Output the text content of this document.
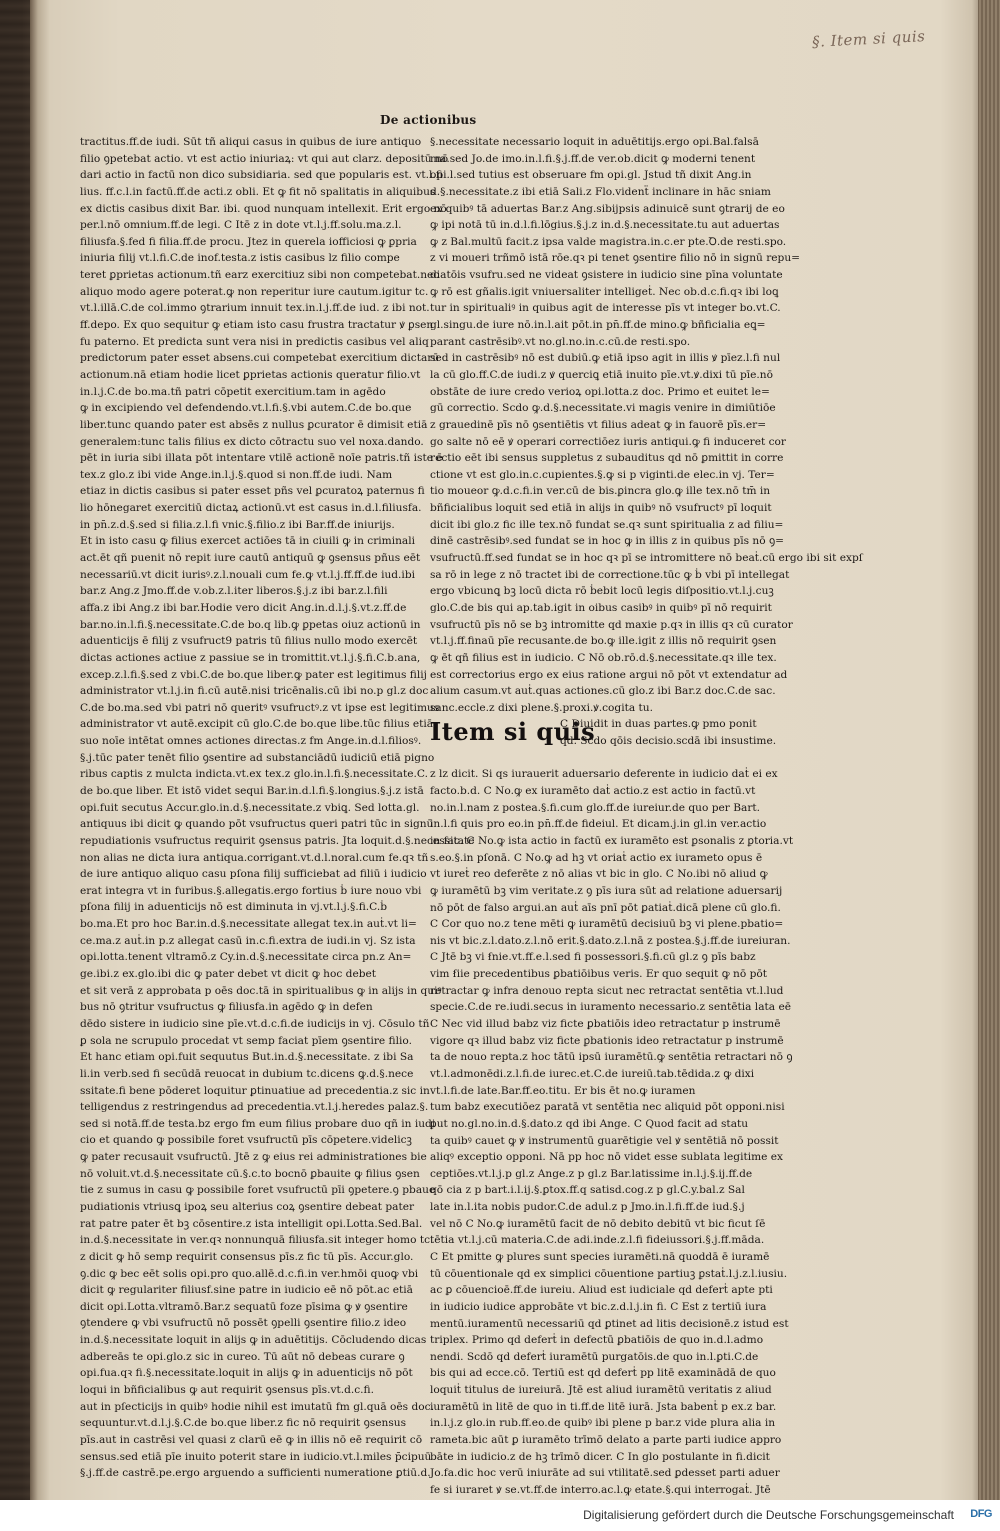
§. Item si quis
De actionibus
tractitus.ff.de iudi. Sūt tñ aliqui casus in quibus de iure antiquo
filio ꝯpetebat actio. vt est actio iniuriaꝝ: vt qui aut clarz. depositū nō
dari actio in factū non dico subsidiaria. sed que popularis est. vt.l.fi
lius. ff.c.l.in factū.ff.de acti.z obli. Et ꝙ fit nō spalitatis in aliquibus
ex dictis casibus dixit Bar. ibi. quod nunquam intellexit. Erit ergo nō
per.l.nō omnium.ff.de legi. C Itē z in dote vt.l.j.ff.solu.ma.z.l.
filiusfa.§.fed fi filia.ff.de procu. Jtez in querela iofficiosi ꝙ ꝑpria
iniuria filij vt.l.fi.C.de inof.testa.z istis casibus lz filio compe
teret ꝑprietas actionum.tñ earz exercitiuz sibi non competebat.nec
aliquo modo agere poterat.ꝙ non reperitur iure cautum.igitur tc.
vt.l.illā.C.de col.immo ꝯtrarium innuit tex.in.l.j.ff.de iud. z ibi not.
ff.depo. Ex quo sequitur ꝙ etiam isto casu frustra tractatur ꝟ ꝑsen
fu paterno. Et predicta sunt vera nisi in predictis casibus vel aliq
predictorum pater esset absens.cui competebat exercitium dictarū
actionum.nā etiam hodie licet ꝑprietas actionis queratur filio.vt
in.l.j.C.de bo.ma.tñ patri cōpetit exercitium.tam in agēdo
ꝙ in excipiendo vel defendendo.vt.l.fi.§.vbi autem.C.de bo.que
liber.tunc quando pater est absēs z nullus ꝑcurator ē dimisit etiā
generalem:tunc talis filius ex dicto cōtractu suo vel noxa.dando.
pēt in iuria sibi illata pōt intentare vtilē actionē noīe patris.tñ iste ē
tex.z glo.z ibi vide Ange.in.l.j.§.quod si non.ff.de iudi. Nam
etiaz in dictis casibus si pater esset pñs vel ꝑcuratoꝝ paternus fi
lio hōnegaret exercitiū dictaꝝ actionū.vt est casus in.d.l.filiusfa.
in pn̄.z.d.§.sed si filia.z.l.fi vnic.§.filio.z ibi Bar.ff.de iniurijs.
Et in isto casu ꝙ filius exercet actiōes tā in ciuili ꝙ in criminali
act.ēt qñ puenit nō repit iure cautū antiquū ꝙ ꝯsensus pñus eēt
necessariū.vt dicit iurisꝰ.z.l.nouali cum fe.ꝙ vt.l.j.ff.ff.de iud.ibi
bar.z Ang.z Jmo.ff.de v.ob.z.l.iter liberos.§.j.z ibi bar.z.l.fili
affa.z ibi Ang.z ibi bar.Hodie vero dicit Ang.in.d.l.j.§.vt.z.ff.de
bar.no.in.l.fi.§.necessitate.C.de bo.q lib.ꝙ ꝑpetas oiuz actionū in
aduenticijs ē filij z vsufruct9 patris tū filius nullo modo exercēt
dictas actiones actiue z passiue se in tromittit.vt.l.j.§.fi.C.b.ana,
excep.z.l.fi.§.sed z vbi.C.de bo.que liber.ꝙ pater est legitimus filij
administrator vt.l.j.in fi.cū autē.nisi tricēnalis.cū ibi no.p gl.z doc
C.de bo.ma.sed vbi patri nō queritꝰ vsufructꝰ.z vt ipse est legitimus
administrator vt autē.excipit cū glo.C.de bo.que libe.tūc filius etiā
suo noīe intētat omnes actiones directas.z fm Ange.in.d.l.filiosꝰ.
§.j.tūc pater tenēt filio ꝯsentire ad substanciādū iudiciū etiā pigno
ribus captis z mulcta indicta.vt.ex tex.z glo.in.l.fi.§.necessitate.C.
de bo.que liber. Et istō videt sequi Bar.in.d.l.fi.§.longius.§.j.z istā
opi.fuit secutus Accur.glo.in.d.§.necessitate.z vbiꝗ. Sed lotta.gl.
antiquus ibi dicit ꝙ quando pōt vsufructus queri patri tūc in signū
repudiationis vsufructus requirit ꝯsensus patris. Jta loquit.d.§.necessitate
non alias ne dicta iura antiqua.corrigant.vt.d.l.noral.cum fe.qꝛ tñ
de iure antiquo aliquo casu pſona filij sufficiebat ad filiū i iudicio
erat integra vt in furibus.§.allegatis.ergo fortius ḃ iure nouo vbi
pſona filij in aduenticijs nō est diminuta in vj.vt.l.j.§.fi.C.ḃ
bo.ma.Et pro hoc Bar.in.d.§.necessitate allegat tex.in auṫ.vt li=
ce.ma.z auṫ.in p.z allegat casū in.c.fi.extra de iudi.in vj. Sz ista
opi.lotta.tenent vltramō.z Cy.in.d.§.necessitate circa pn.z An=
ge.ibi.z ex.glo.ibi dic ꝙ pater debet vt dicit ꝙ hoc debet
et sit verā z approbata p oēs doc.tā in spiritualibus ꝙ in alijs in quiꝰ
bus nō ꝯtritur vsufructus ꝙ filiusfa.in agēdo ꝙ in defen
dēdo sistere in iudicio sine pīe.vt.d.c.fi.de iudicijs in vj. Cōsulo tñ
ꝑ sola ne scrupulo procedat vt semp faciat pīem ꝯsentire filio.
Et hanc etiam opi.fuit sequutus But.in.d.§.necessitate. z ibi Sa
li.in verb.sed fi secūdā reuocat in dubium tc.dicens ꝙ.d.§.nece
ssitate.fi bene pōderet loquitur ꝑtinuatiue ad precedentia.z sic in
telligendus z restringendus ad precedentia.vt.l.j.heredes palaz.§.
sed si notā.ff.de testa.bz ergo fm eum filius probare duo qñ in iudi
cio et quando ꝙ possibile foret vsufructū pīs cōpetere.videlicꝫ
ꝙ pater recusauit vsufructū. Jtē z ꝙ eius rei administrationes bie
nō voluit.vt.d.§.necessitate cū.§.c.to bocnō ꝑbauite ꝙ filius ꝯsen
tie z sumus in casu ꝙ possibile foret vsufructū pīi ꝯpetere.ꝯ pbaue
pudiationis vtriusꝗ ipoꝝ seu alterius coꝝ ꝯsentire debeat pater
rat patre pater ēt bꝫ cōsentire.z ista intelligit opi.Lotta.Sed.Bal.
in.d.§.necessitate in ver.qꝛ nonnunquā filiusfa.sit integer homo tc.
z dicit ꝙ hō semp requirit consensus pīs.z fic tū pīs. Accur.glo.
ꝯ.dic ꝙ bec eēt solis opi.pro quo.allē.d.c.fi.in ver.hmōi quoꝙ vbi
dicit ꝙ regulariter filiusf.sine patre in iudicio eē nō pōt.ac etiā
dicit opi.Lotta.vltramō.Bar.z sequatū foze pīsima ꝙ ꝟ ꝯsentire
ꝯtendere ꝙ vbi vsufructū nō possēt ꝯpelli ꝯsentire filio.z ideo
in.d.§.necessitate loquit in alijs ꝙ in aduētitijs. Cōcludendo dicas
adbereās te opi.glo.z sic in cureo. Tū aūt nō debeas curare ꝯ
opi.fua.qꝛ fi.§.necessitate.loquit in alijs ꝙ in aduenticijs nō pōt
loqui in bñficialibus ꝙ aut requirit ꝯsensus pīs.vt.d.c.fi.
aut in pſecticijs in quibꝰ hodie nihil est imutatū fm gl.quā oēs doc.
sequuntur.vt.d.l.j.§.C.de bo.que liber.z fic nō requirit ꝯsensus
pīs.aut in castrēsi vel quasi z clarū eē ꝙ in illis nō eē requirit cō
sensus.sed etiā pīe inuito poterit stare in iudicio.vt.l.miles p̄cipuū
§.j.ff.de castrē.pe.ergo arguendo a sufficienti numeratione ꝑtiū.d.
§.necessitate necessario loquit in aduētitijs.ergo opi.Bal.falsā
ma.sed Jo.de imo.in.l.fi.§.j.ff.de ver.ob.dicit ꝙ moderni tenent
opi.l.sed tutius est obseruare fm opi.gl. Jstud tñ dixit Ang.in
d.§.necessitate.z ibi etiā Sali.z Flo.videnẗ inclinare in hāc sniam
ex quibꝰ tā aduertas Bar.z Ang.sibijpsis adinuicē sunt ꝯtrarij de eo
ꝙ ipi notā tū in.d.l.fi.lōgius.§.j.z in.d.§.necessitate.tu aut aduertas
ꝙ z Bal.multū facit.z ipsa valde magistra.in.c.er pte.Ꝺ.de resti.spo.
z vi moueri trñmō istā rōe.qꝛ pi tenet ꝯsentire filio nō in signū repu=
diatōis vsufru.sed ne videat ꝯsistere in iudicio sine pīna voluntate
ꝙ rō est gñalis.igit vniuersaliter intelligeṫ. Nec ob.d.c.fi.qꝛ ibi loꝗ
tur in spiritualiꝰ in quibus agit de interesse pīs vt integer bo.vt.C.
gl.singu.de iure nō.in.l.ait pōt.in pn̄.ff.de mino.ꝙ bñficialia eꝗ=
parant castrēsibꝰ.vt no.gl.no.in.c.cū.de resti.spo.
sed in castrēsibꝰ nō est dubiū.ꝙ etiā ipso agit in illis ꝟ pīez.l.fi nul
la cū glo.ff.C.de iudi.z ꝟ querciꝗ etiā inuito pīe.vt.ꝟ.dixi tū pīe.nō
obstāte de iure credo verioꝝ opi.lotta.z doc. Primo et euitet le=
gū correctio. Scdo ꝙ.d.§.necessitate.vi magis venire in dimiūtiōe
z grauedinē pīs nō ꝯsentiētis vt filius adeat ꝙ in fauorē pīs.er=
go salte nō eē ꝟ operari correctiōez iuris antiqui.ꝙ fi induceret cor
rectio eēt ibi sensus suppletus z subauditus qd nō ꝑmittit in corre
ctione vt est glo.in.c.cupientes.§.ꝙ si p viginti.de elec.in vj. Ter=
tio moueor ꝙ.d.c.fi.in ver.cū de bis.ꝑincra glo.ꝙ ille tex.nō tm̄ in
bñficialibus loquit sed etiā in alijs in quibꝰ nō vsufructꝰ pī loquit
dicit ibi glo.z fic ille tex.nō fundat se.qꝛ sunt spiritualia z ad filiu=
dinē castrēsibꝰ.sed fundat se in hoc ꝙ in illis z in quibus pīs nō ꝯ=
vsufructū.ff.sed fundat se in hoc qꝛ pī se intromittere nō beaṫ.cū ergo ibi sit expſ
sa rō in lege z nō tractet ibi de correctione.tūc ꝙ ḃ vbi pī intellegat
ergo vbicunꝗ bꝫ locū dicta rō ḃebit locū legis diſpositio.vt.l.j.cuꝫ
glo.C.de bis qui ap.tab.igit in oibus casibꝰ in quibꝰ pī nō requirit
vsufructū pīs nō se bꝫ intromitte qd maxie p.qꝛ in illis qꝛ cū curator
vt.l.j.ff.finaū pīe recusante.de bo.ꝙ ille.igit z illis nō requirit ꝯsen
ꝙ ēt qñ filius est in iudicio. C Nō ob.rō.d.§.necessitate.qꝛ ille tex.
est correctorius ergo ex eius ratione argui nō pōt vt extendatur ad
alium casum.vt auṫ.quas actiones.cū glo.z ibi Bar.z doc.C.de sac.
sanc.eccle.z dixi plene.§.proxi.ꝟ.cogita tu.
Item si quis
C Diuidit in duas partes.ꝙ pmo ponit
qd. Scdo qōis decisio.scdā ibi insustime.
z lz dicit. Si qs iurauerit aduersario deferente in iudicio daṫ ei ex
facto.b.d. C No.ꝙ ex iuramēto daṫ actio.z est actio in factū.vt
no.in.l.nam z postea.§.fi.cum glo.ff.de iureiur.de quo per Bart.
in.l.fi quis pro eo.in pn̄.ff.de fideiul. Et dicam.j.in gl.in ver.actio
in fac. C No.ꝙ ista actio in factū ex iuramēto est ꝑsonalis z ꝑtoria.vt
s.eo.§.in pſonā. C No.ꝙ ad hꝫ vt oriaṫ actio ex iurameto opus ē
vt iureṫ reo deferēte z nō alias vt bic in glo. C No.ibi nō aliud ꝙ
ꝙ iuramētū bꝫ vim veritate.z ꝯ pīs iura sūt ad relatione aduersarij
nō pōt de falso argui.an auṫ aīs pnī pōt ꝑatiaṫ.dicā plene cū glo.fi.
C Cor quo no.z tene mēti ꝙ iuramētū decisiuū bꝫ vi plene.pbatio=
nis vt bic.z.l.dato.z.l.nō erit.§.dato.z.l.nā z postea.§.j.ff.de iureiuran.
C Jtē bꝫ vi ẜnie.vt.ff.e.l.sed fi possessori.§.fi.cū gl.z ꝯ pīs babz
vim ẜiie precedentibus ꝑbatiōibus veris. Er quo sequit ꝙ nō pōt
retractar ꝙ infra denouo repta sicut nec retractat sentētia vt.l.lud
specie.C.de re.iudi.secus in iuramento necessario.z sentētia lata eē
C Nec vid illud babz viz ficte ꝑbatiōis ideo retractatur p instrumē
vigore qꝛ illud babz viz ficte ꝑbationis ideo retractatur p instrumē
ta de nouo repta.z hoc tātū ipsū iuramētū.ꝙ sentētia retractari nō ꝯ
vt.l.admonēdi.z.l.fi.de iurec.et.C.de iureiū.tab.tēdida.z ꝙ dixi
vt.l.fi.de late.Bar.ff.eo.titu. Er bis ēt no.ꝙ iuramen
tum babz executiōez paratā vt sentētia nec aliquid pōt opponi.nisi
ꝑut no.gl.no.in.d.§.dato.z qd ibi Ange. C Quod facit ad statu
ta quibꝰ cauet ꝙ ꝟ instrumentū guarētigie vel ꝟ sentētiā nō possit
aliqꝰ exceptio opponi. Nā pp hoc nō videt esse sublata legitime ex
ceptiōes.vt.l.j.p gl.z Ange.z p gl.z Bar.latissime in.l.j.§.ij.ff.de
qō cia z p bart.i.l.ij.§.ꝑtox.ff.q satisd.cog.z p gl.C.y.bal.z Sal
late in.l.ita nobis pudor.C.de adul.z p Jmo.in.l.fi.ff.de iud.§.j
vel nō C No.ꝙ iuramētū facit de nō debito debitū vt bic ficut ſē
tētia vt.l.j.cū materia.C.de adi.inde.z.l.fi fideiussori.§.j.ff.māda.
C Et pmitte ꝙ plures sunt species iuramēti.nā quoddā ē iuramē
tū cōuentionale qd ex simplici cōuentione partiuꝫ ꝑstaṫ.l.j.z.l.iusiu.
ac ꝑ cōuencioē.ff.de iureiu. Aliud est iudiciale qd deferṫ apte pti
in iudicio iudice approbāte vt bic.z.d.l.j.in fi. C Est z tertiū iura
mentū.iuramentū necessariū qd ꝑtinet ad litis decisionē.z istud est
triplex. Primo qd deferṫ in defectū ꝑbatiōis de quo in.d.l.admo
nendi. Scdō qd deferṫ iuramētū purgatōis.de quo in.l.ꝑti.C.de
bis qui ad ecce.cō. Tertiū est qd deferṫ pp litē examinādā de quo
loquiṫ titulus de iureiurā. Jtē est aliud iuramētū veritatis z aliud
iuramētū in litē de quo in ti.ff.de litē iurā. Jsta babenṫ p ex.z bar.
in.l.j.z glo.in rub.ff.eo.de quibꝰ ibi plene p bar.z vide plura alia in
rameta.bic aūt ꝑ iuramēto trīmō delato a parte parti iudice appro
bāte in iudicio.z de hꝫ trīmō dicer. C In glo postulante in fi.dicit
Jo.fa.dic hoc verū iniurāte ad sui vtilitatē.sed ꝑdesset parti aduer
fe si iuraret ꝟ se.vt.ff.de interro.ac.l.ꝙ etate.§.qui interrogaṫ. Jtē
Digitalisierung gefördert durch die Deutsche Forschungsgemeinschaft DFG
